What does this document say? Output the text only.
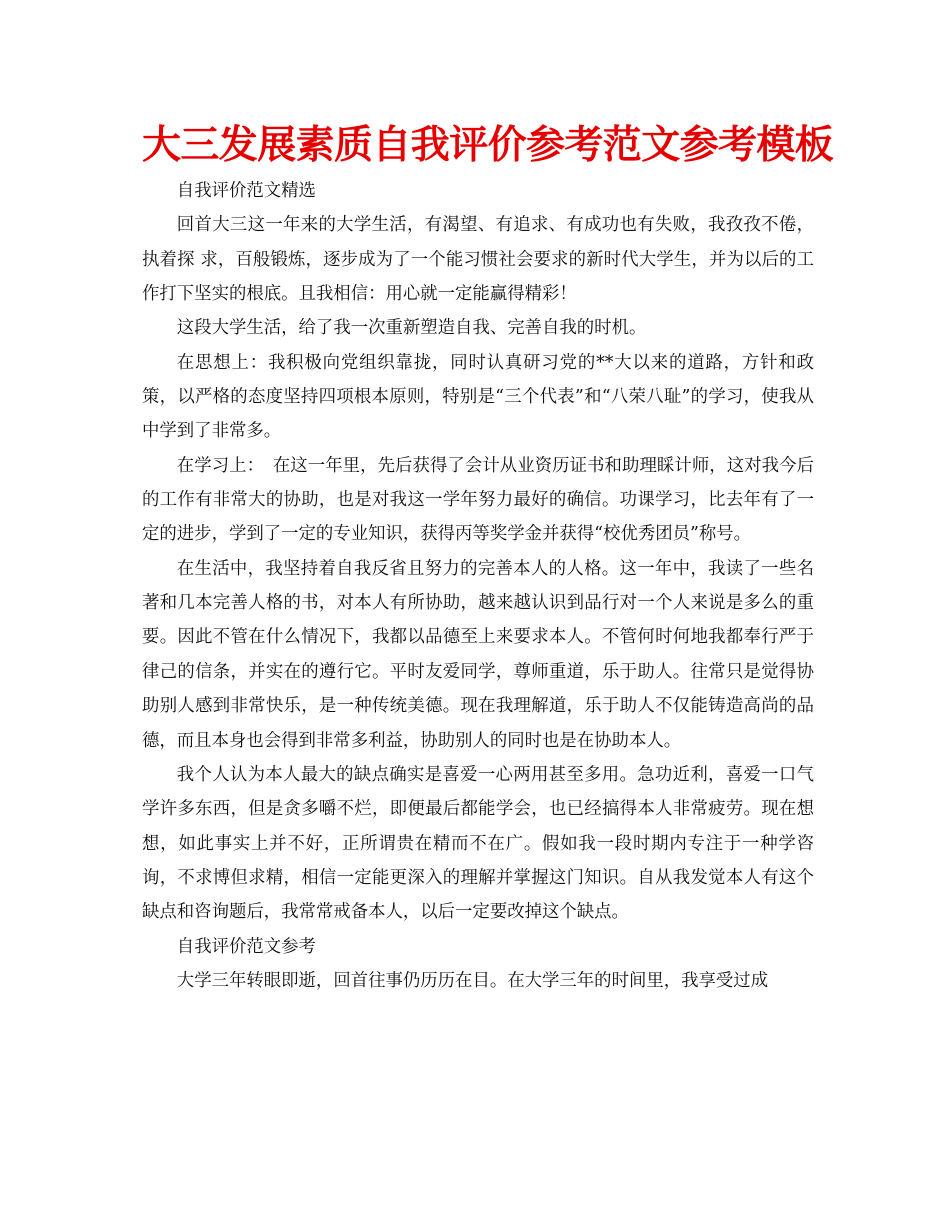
大三发展素质自我评价参考范文参考模板

自我评价范文精选

回首大三这一年来的大学生活，有渴望、有追求、有成功也有失败，我孜孜不倦，执着探 求，百般锻炼，逐步成为了一个能习惯社会要求的新时代大学生，并为以后的工作打下坚实的根底。且我相信：用心就一定能赢得精彩！

这段大学生活，给了我一次重新塑造自我、完善自我的时机。

在思想上：我积极向党组织靠拢，同时认真研习党的**大以来的道路，方针和政策，以严格的态度坚持四项根本原则，特别是“三个代表”和“八荣八耻”的学习，使我从中学到了非常多。

在学习上：　在这一年里，先后获得了会计从业资历证书和助理睬计师，这对我今后的工作有非常大的协助，也是对我这一学年努力最好的确信。功课学习，比去年有了一定的进步，学到了一定的专业知识，获得丙等奖学金并获得“校优秀团员”称号。

在生活中，我坚持着自我反省且努力的完善本人的人格。这一年中，我读了一些名著和几本完善人格的书，对本人有所协助，越来越认识到品行对一个人来说是多么的重要。因此不管在什么情况下，我都以品德至上来要求本人。不管何时何地我都奉行严于律己的信条，并实在的遵行它。平时友爱同学，尊师重道，乐于助人。往常只是觉得协助别人感到非常快乐，是一种传统美德。现在我理解道，乐于助人不仅能铸造高尚的品德，而且本身也会得到非常多利益，协助别人的同时也是在协助本人。

我个人认为本人最大的缺点确实是喜爱一心两用甚至多用。急功近利，喜爱一口气学许多东西，但是贪多嚼不烂，即便最后都能学会，也已经搞得本人非常疲劳。现在想想，如此事实上并不好，正所谓贵在精而不在广。假如我一段时期内专注于一种学咨询，不求博但求精，相信一定能更深入的理解并掌握这门知识。自从我发觉本人有这个缺点和咨询题后，我常常戒备本人，以后一定要改掉这个缺点。

自我评价范文参考

大学三年转眼即逝，回首往事仍历历在目。在大学三年的时间里，我享受过成
